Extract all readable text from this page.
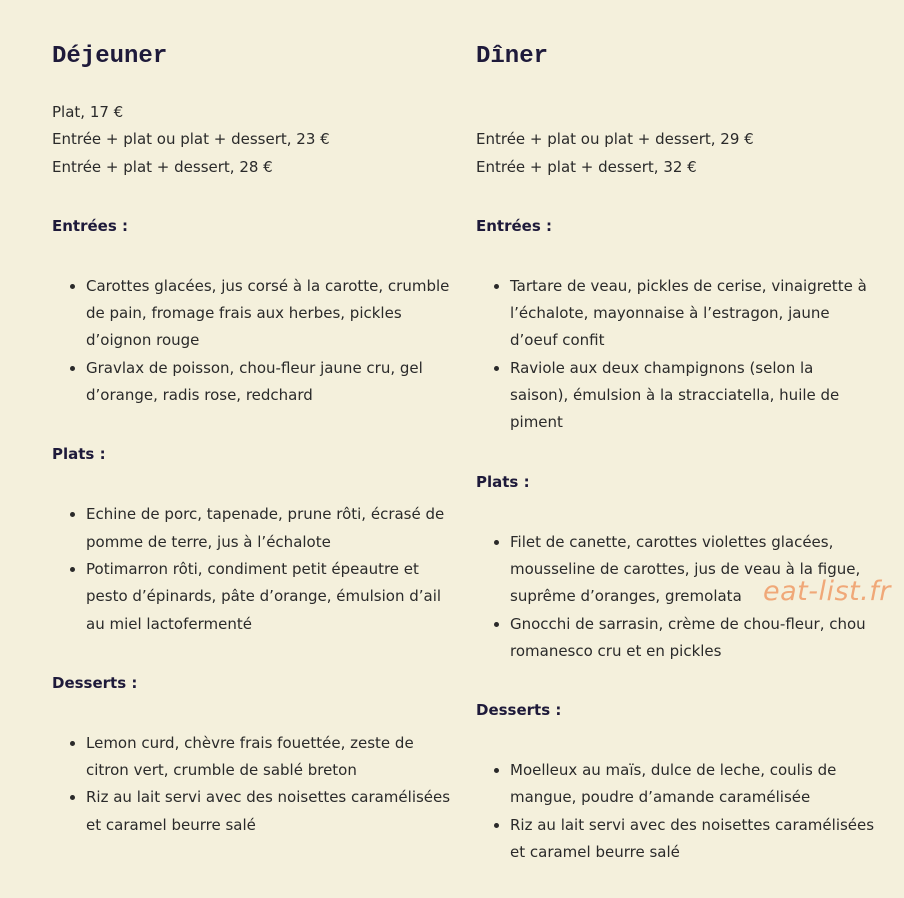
Déjeuner
Plat, 17 €
Entrée + plat ou plat + dessert, 23 €
Entrée + plat + dessert, 28 €
Entrées :
• Carottes glacées, jus corsé à la carotte, crumble de pain, fromage frais aux herbes, pickles d’oignon rouge
• Gravlax de poisson, chou-fleur jaune cru, gel d’orange, radis rose, redchard
Plats :
• Echine de porc, tapenade, prune rôti, écrasé de pomme de terre, jus à l’échalote
• Potimarron rôti, condiment petit épeautre et pesto d’épinards, pâte d’orange, émulsion d’ail au miel lactofermenté
Desserts :
• Lemon curd, chèvre frais fouettée, zeste de citron vert, crumble de sablé breton
• Riz au lait servi avec des noisettes caramélisées et caramel beurre salé
Dîner
Entrée + plat ou plat + dessert, 29 €
Entrée + plat + dessert, 32 €
Entrées :
• Tartare de veau, pickles de cerise, vinaigrette à l’échalote, mayonnaise à l’estragon, jaune d’oeuf confit
• Raviole aux deux champignons (selon la saison), émulsion à la stracciatella, huile de piment
Plats :
• Filet de canette, carottes violettes glacées, mousseline de carottes, jus de veau à la figue, suprême d’oranges, gremolata
• Gnocchi de sarrasin, crème de chou-fleur, chou romanesco cru et en pickles
Desserts :
• Moelleux au maïs, dulce de leche, coulis de mangue, poudre d’amande caramélisée
• Riz au lait servi avec des noisettes caramélisées et caramel beurre salé
eat-list.fr
